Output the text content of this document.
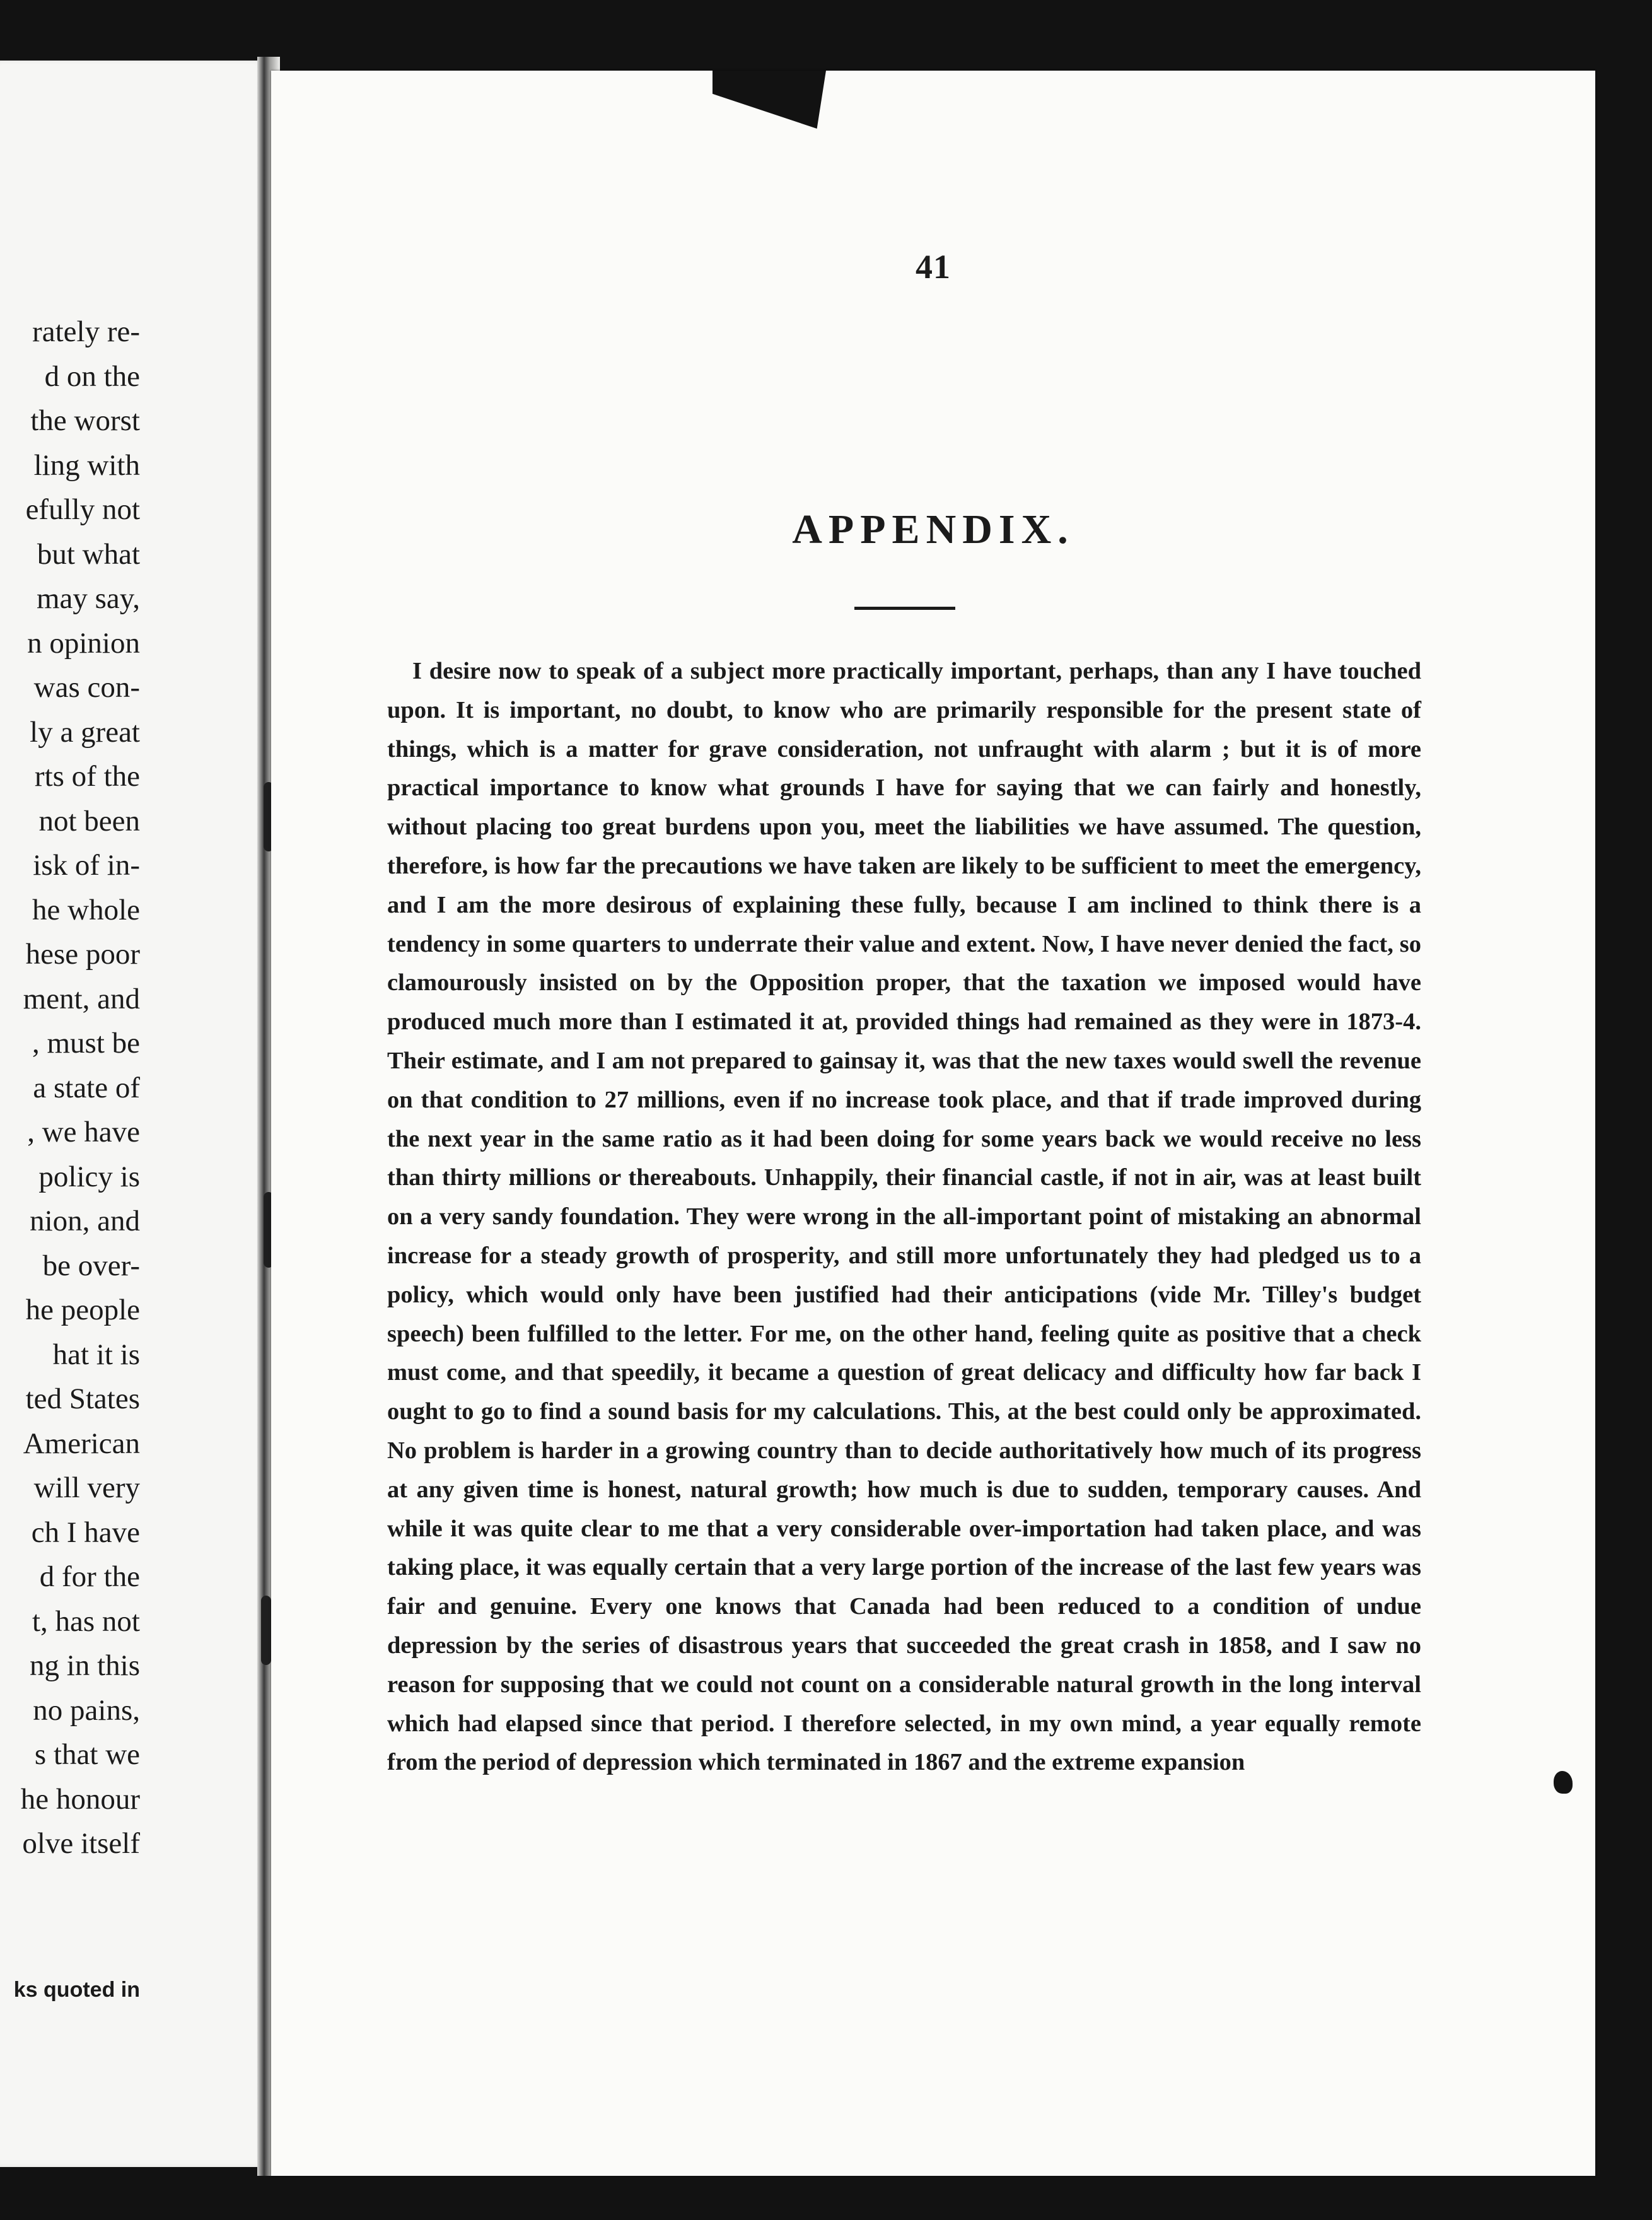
rately re-
d on the
the worst
ling with
efully not
but what
may say,
n opinion
was con-
ly a great
rts of the
not been
isk of in-
he whole
hese poor
ment, and
, must be
a state of
, we have
policy is
nion, and
be over-
he people
hat it is
ted States
American
will very
ch I have
d for the
t, has not
ng in this
no pains,
s that we
he honour
olve itself
ks quoted in
41
APPENDIX.

I desire now to speak of a subject more practically important, perhaps, than any I have touched upon. It is important, no doubt, to know who are primarily responsible for the present state of things, which is a matter for grave consideration, not unfraught with alarm ; but it is of more practical importance to know what grounds I have for saying that we can fairly and honestly, without placing too great burdens upon you, meet the liabilities we have assumed. The question, therefore, is how far the precautions we have taken are likely to be sufficient to meet the emergency, and I am the more desirous of explaining these fully, because I am inclined to think there is a tendency in some quarters to underrate their value and extent. Now, I have never denied the fact, so clamourously insisted on by the Opposition proper, that the taxation we imposed would have produced much more than I estimated it at, provided things had remained as they were in 1873-4. Their estimate, and I am not prepared to gainsay it, was that the new taxes would swell the revenue on that condition to 27 millions, even if no increase took place, and that if trade improved during the next year in the same ratio as it had been doing for some years back we would receive no less than thirty millions or thereabouts. Unhappily, their financial castle, if not in air, was at least built on a very sandy foundation. They were wrong in the all-important point of mistaking an abnormal increase for a steady growth of prosperity, and still more unfortunately they had pledged us to a policy, which would only have been justified had their anticipations (vide Mr. Tilley's budget speech) been fulfilled to the letter. For me, on the other hand, feeling quite as positive that a check must come, and that speedily, it became a question of great delicacy and difficulty how far back I ought to go to find a sound basis for my calculations. This, at the best could only be approximated. No problem is harder in a growing country than to decide authoritatively how much of its progress at any given time is honest, natural growth; how much is due to sudden, temporary causes. And while it was quite clear to me that a very considerable over-importation had taken place, and was taking place, it was equally certain that a very large portion of the increase of the last few years was fair and genuine. Every one knows that Canada had been reduced to a condition of undue depression by the series of disastrous years that succeeded the great crash in 1858, and I saw no reason for supposing that we could not count on a considerable natural growth in the long interval which had elapsed since that period. I therefore selected, in my own mind, a year equally remote from the period of depression which terminated in 1867 and the extreme expansion
